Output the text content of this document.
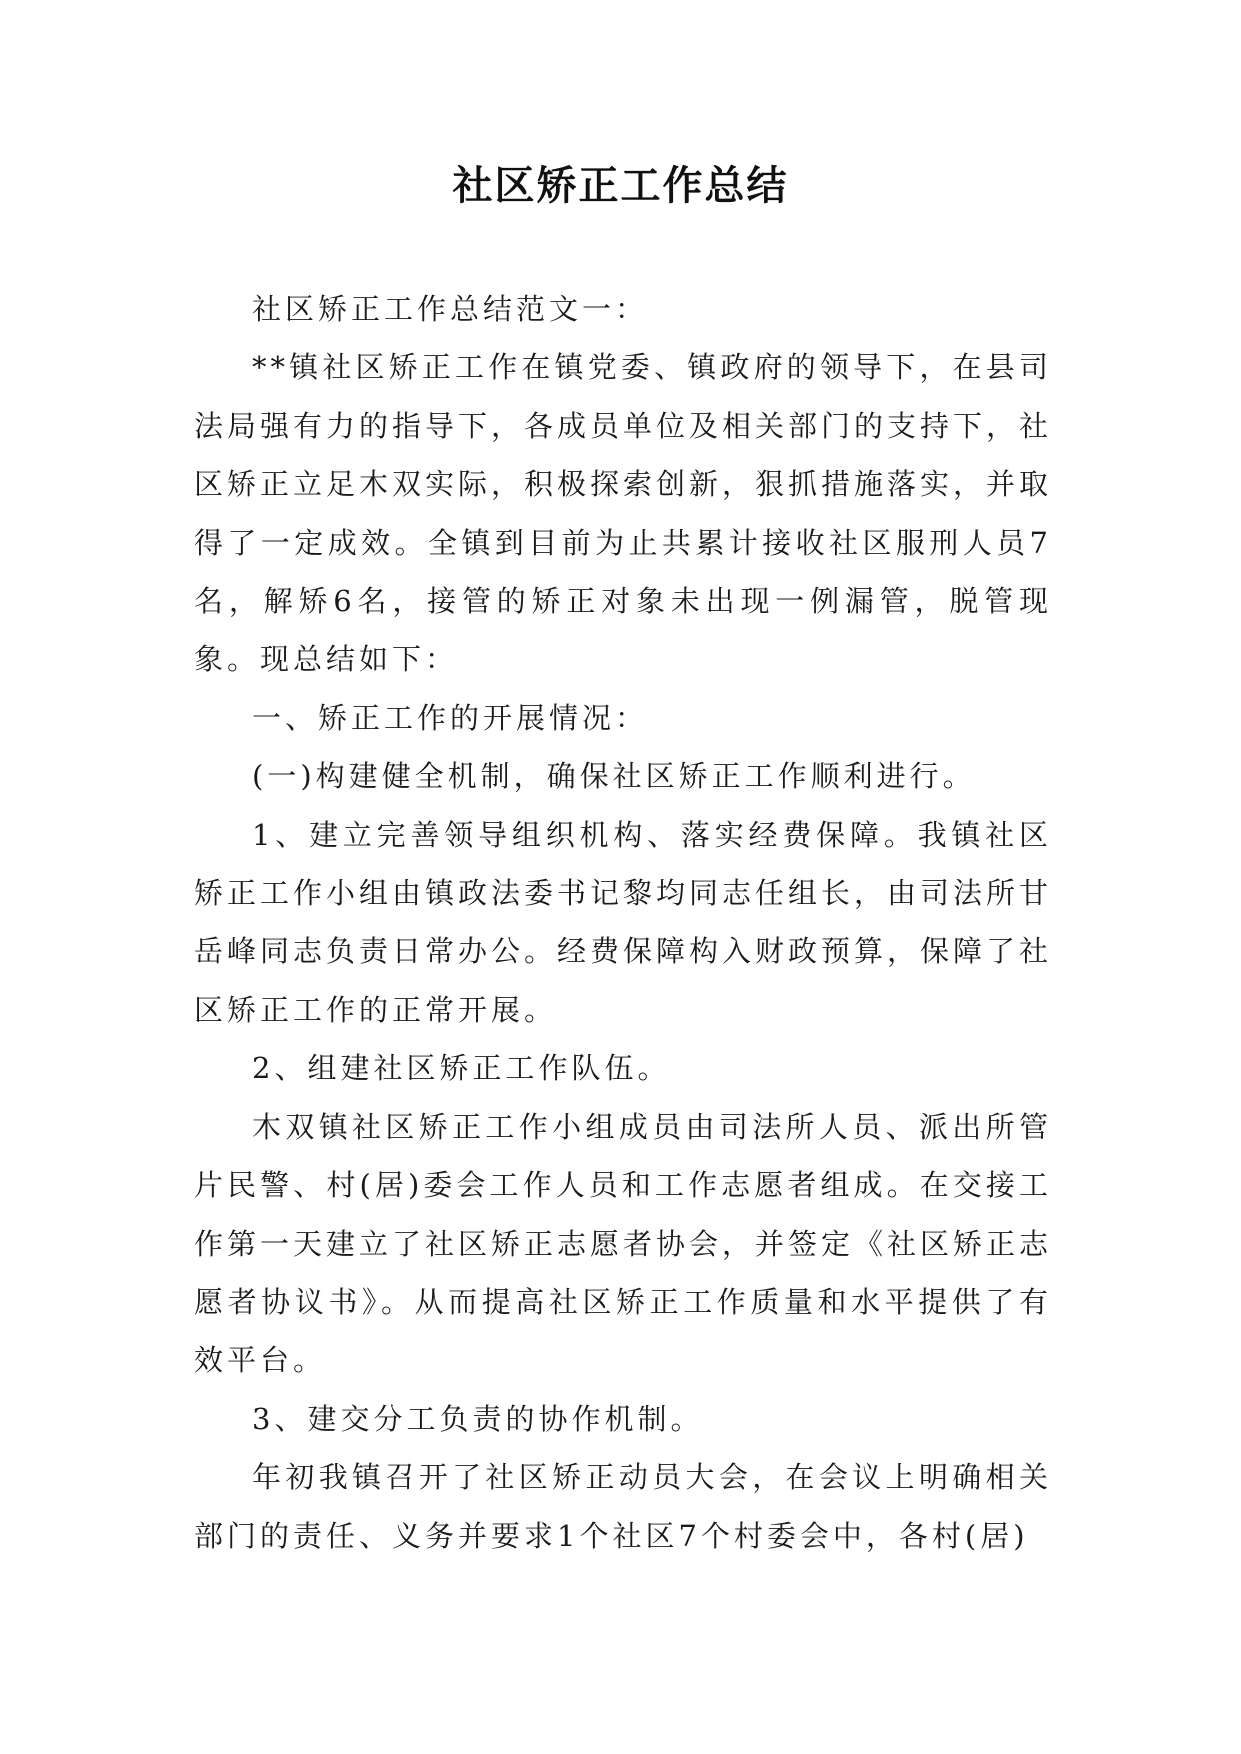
社区矫正工作总结

社区矫正工作总结范文一：

**镇社区矫正工作在镇党委、镇政府的领导下，在县司法局强有力的指导下，各成员单位及相关部门的支持下，社区矫正立足木双实际，积极探索创新，狠抓措施落实，并取得了一定成效。全镇到目前为止共累计接收社区服刑人员7名，解矫6名，接管的矫正对象未出现一例漏管，脱管现象。现总结如下：

一、矫正工作的开展情况：

(一)构建健全机制，确保社区矫正工作顺利进行。

1、建立完善领导组织机构、落实经费保障。我镇社区矫正工作小组由镇政法委书记黎均同志任组长，由司法所甘岳峰同志负责日常办公。经费保障构入财政预算，保障了社区矫正工作的正常开展。

2、组建社区矫正工作队伍。

木双镇社区矫正工作小组成员由司法所人员、派出所管片民警、村(居)委会工作人员和工作志愿者组成。在交接工作第一天建立了社区矫正志愿者协会，并签定《社区矫正志愿者协议书》。从而提高社区矫正工作质量和水平提供了有效平台。

3、建交分工负责的协作机制。

年初我镇召开了社区矫正动员大会，在会议上明确相关部门的责任、义务并要求1个社区7个村委会中，各村(居)
